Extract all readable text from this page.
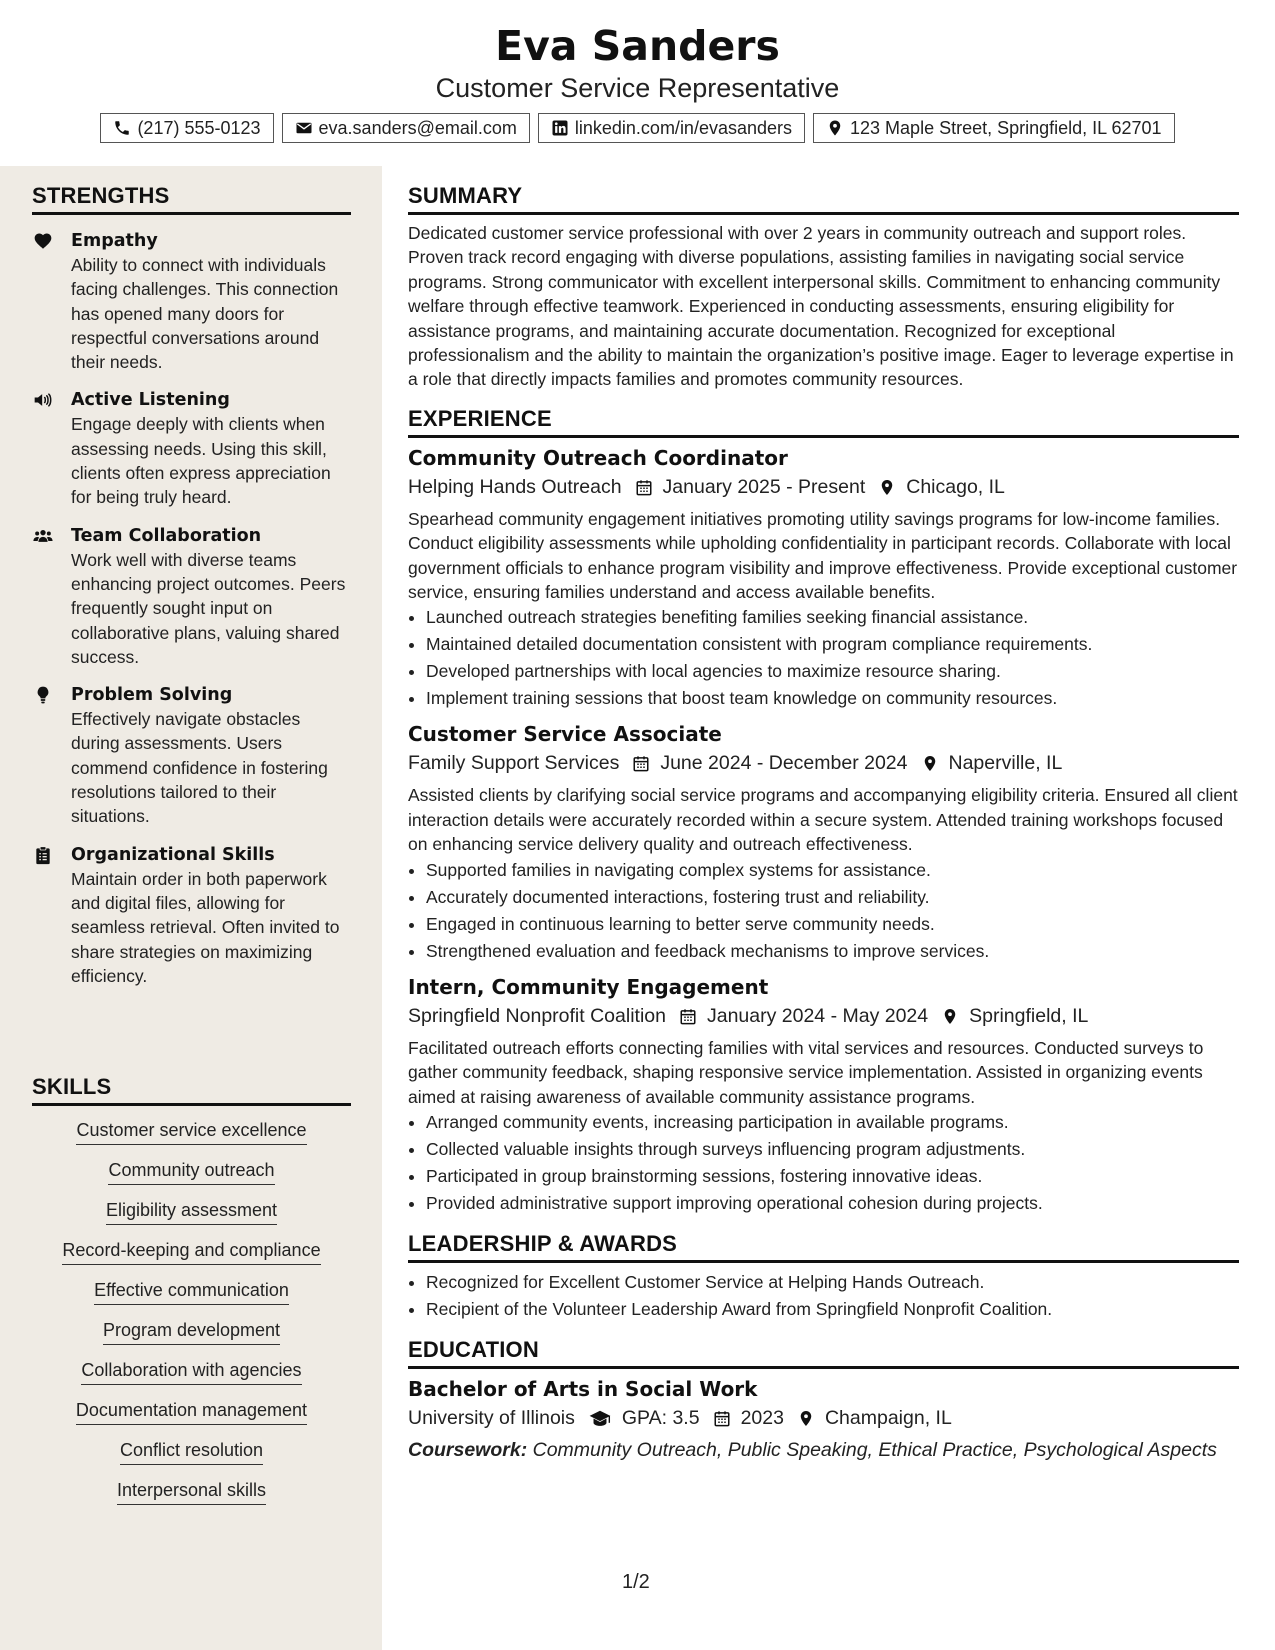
Eva Sanders
Customer Service Representative
(217) 555-0123	eva.sanders@email.com	linkedin.com/in/evasanders	123 Maple Street, Springfield, IL 62701
STRENGTHS
Empathy
Ability to connect with individuals facing challenges. This connection has opened many doors for respectful conversations around their needs.
Active Listening
Engage deeply with clients when assessing needs. Using this skill, clients often express appreciation for being truly heard.
Team Collaboration
Work well with diverse teams enhancing project outcomes. Peers frequently sought input on collaborative plans, valuing shared success.
Problem Solving
Effectively navigate obstacles during assessments. Users commend confidence in fostering resolutions tailored to their situations.
Organizational Skills
Maintain order in both paperwork and digital files, allowing for seamless retrieval. Often invited to share strategies on maximizing efficiency.
SKILLS
Customer service excellence
Community outreach
Eligibility assessment
Record-keeping and compliance
Effective communication
Program development
Collaboration with agencies
Documentation management
Conflict resolution
Interpersonal skills
SUMMARY
Dedicated customer service professional with over 2 years in community outreach and support roles. Proven track record engaging with diverse populations, assisting families in navigating social service programs. Strong communicator with excellent interpersonal skills. Commitment to enhancing community welfare through effective teamwork. Experienced in conducting assessments, ensuring eligibility for assistance programs, and maintaining accurate documentation. Recognized for exceptional professionalism and the ability to maintain the organization’s positive image. Eager to leverage expertise in a role that directly impacts families and promotes community resources.
EXPERIENCE
Community Outreach Coordinator
Helping Hands Outreach January 2025 - Present Chicago, IL
Spearhead community engagement initiatives promoting utility savings programs for low-income families. Conduct eligibility assessments while upholding confidentiality in participant records. Collaborate with local government officials to enhance program visibility and improve effectiveness. Provide exceptional customer service, ensuring families understand and access available benefits.
• Launched outreach strategies benefiting families seeking financial assistance.
• Maintained detailed documentation consistent with program compliance requirements.
• Developed partnerships with local agencies to maximize resource sharing.
• Implement training sessions that boost team knowledge on community resources.
Customer Service Associate
Family Support Services June 2024 - December 2024 Naperville, IL
Assisted clients by clarifying social service programs and accompanying eligibility criteria. Ensured all client interaction details were accurately recorded within a secure system. Attended training workshops focused on enhancing service delivery quality and outreach effectiveness.
• Supported families in navigating complex systems for assistance.
• Accurately documented interactions, fostering trust and reliability.
• Engaged in continuous learning to better serve community needs.
• Strengthened evaluation and feedback mechanisms to improve services.
Intern, Community Engagement
Springfield Nonprofit Coalition January 2024 - May 2024 Springfield, IL
Facilitated outreach efforts connecting families with vital services and resources. Conducted surveys to gather community feedback, shaping responsive service implementation. Assisted in organizing events aimed at raising awareness of available community assistance programs.
• Arranged community events, increasing participation in available programs.
• Collected valuable insights through surveys influencing program adjustments.
• Participated in group brainstorming sessions, fostering innovative ideas.
• Provided administrative support improving operational cohesion during projects.
LEADERSHIP & AWARDS
• Recognized for Excellent Customer Service at Helping Hands Outreach.
• Recipient of the Volunteer Leadership Award from Springfield Nonprofit Coalition.
EDUCATION
Bachelor of Arts in Social Work
University of Illinois GPA: 3.5 2023 Champaign, IL
Coursework: Community Outreach, Public Speaking, Ethical Practice, Psychological Aspects
1/2
